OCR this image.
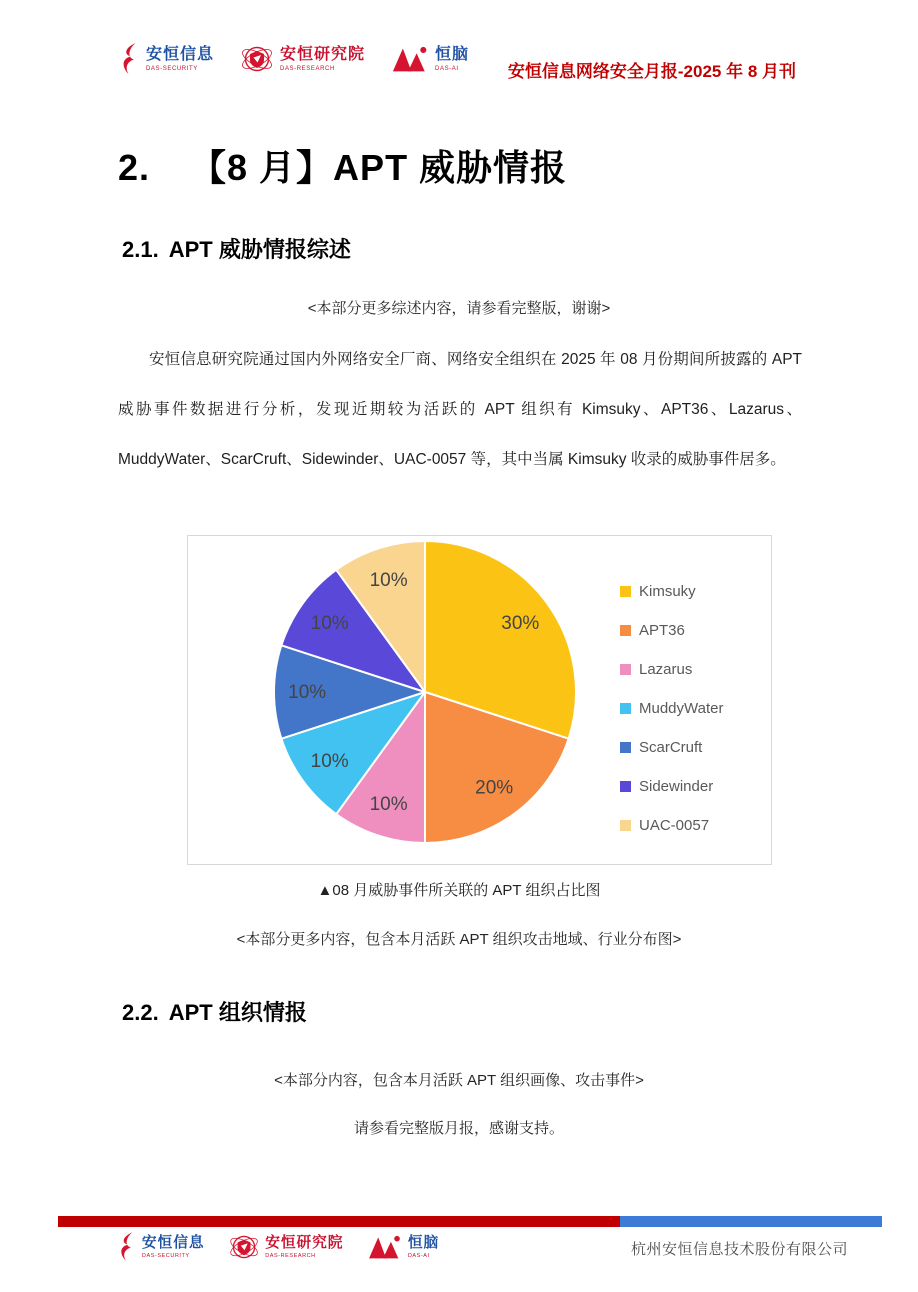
安恒信息
DAS-SECURITY
安恒研究院
DAS-RESEARCH
恒脑
DAS-AI	安恒信息网络安全月报-2025 年 8 月刊
2. 【8 月】APT 威胁情报
2.1. APT 威胁情报综述
<本部分更多综述内容，请参看完整版，谢谢>

安恒信息研究院通过国内外网络安全厂商、网络安全组织在 2025 年 08 月份期间所披露的 APT 威胁事件数据进行分析，发现近期较为活跃的 APT 组织有 Kimsuky、APT36、Lazarus、MuddyWater、ScarCruft、Sidewinder、UAC-0057 等，其中当属 Kimsuky 收录的威胁事件居多。

30%
20%
10%
10%
10%
10%
10%
Kimsuky
APT36
Lazarus
MuddyWater
ScarCruft
Sidewinder
UAC-0057
▲08 月威胁事件所关联的 APT 组织占比图
<本部分更多内容，包含本月活跃 APT 组织攻击地域、行业分布图>
2.2. APT 组织情报
<本部分内容，包含本月活跃 APT 组织画像、攻击事件>
请参看完整版月报，感谢支持。
安恒信息
DAS-SECURITY
安恒研究院
DAS-RESEARCH
恒脑
DAS-AI	杭州安恒信息技术股份有限公司
